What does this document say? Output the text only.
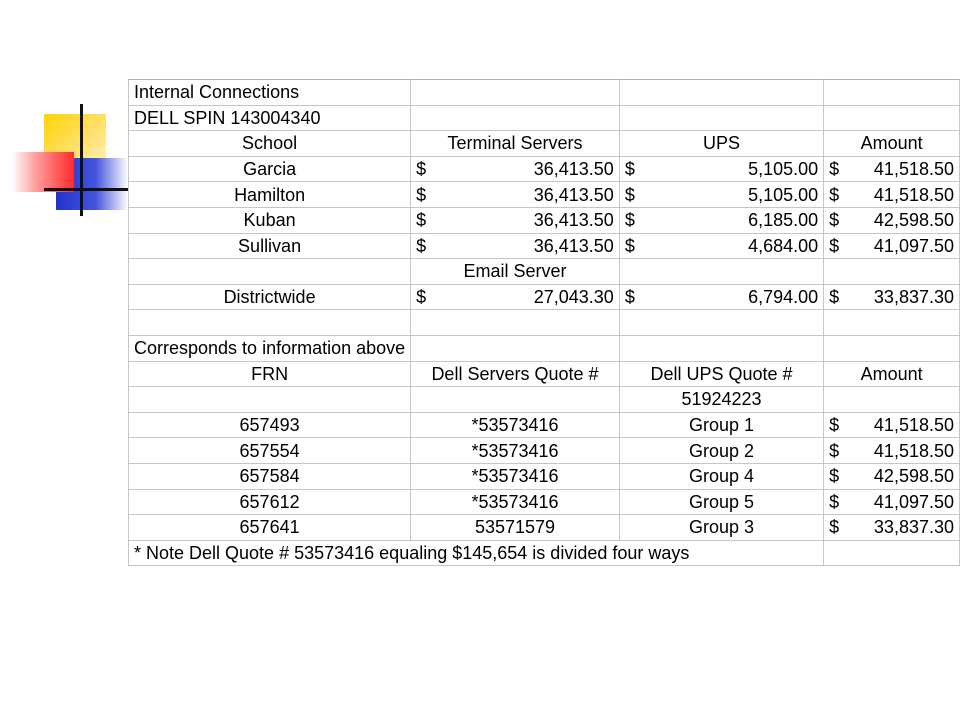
Internal Connections			
DELL SPIN 143004340			
School	Terminal Servers	UPS	Amount
Garcia	$ 36,413.50	$ 5,105.00	$ 41,518.50

Hamilton	$ 36,413.50	$ 5,105.00	$ 41,518.50

Kuban	$ 36,413.50	$ 6,185.00	$ 42,598.50

Sullivan	$ 36,413.50	$ 4,684.00	$ 41,097.50

	Email Server		
Districtwide	$ 27,043.30	$ 6,794.00	$ 33,837.30

Corresponds to information above			
FRN	Dell Servers Quote #	Dell UPS Quote #	Amount
		51924223	
657493	*53573416	Group 1	$ 41,518.50

657554	*53573416	Group 2	$ 41,518.50

657584	*53573416	Group 4	$ 42,598.50

657612	*53573416	Group 5	$ 41,097.50

657641	53571579	Group 3	$ 33,837.30

* Note Dell Quote # 53573416 equaling $145,654 is divided four ways			
